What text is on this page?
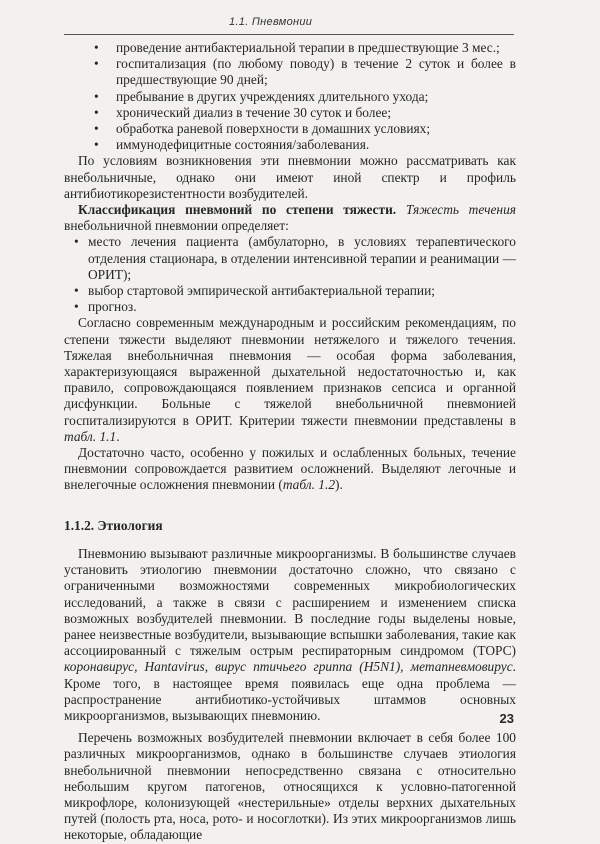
1.1. Пневмонии
• проведение антибактериальной терапии в предшествующие 3 мес.;
• госпитализация (по любому поводу) в течение 2 суток и более в предшествующие 90 дней;
• пребывание в других учреждениях длительного ухода;
• хронический диализ в течение 30 суток и более;
• обработка раневой поверхности в домашних условиях;
• иммунодефицитные состояния/заболевания.

По условиям возникновения эти пневмонии можно рассматривать как внебольничные, однако они имеют иной спектр и профиль антибиотикорезистентности возбудителей.

Классификация пневмоний по степени тяжести. Тяжесть течения внебольничной пневмонии определяет:

• место лечения пациента (амбулаторно, в условиях терапевтического отделения стационара, в отделении интенсивной терапии и реанимации — ОРИТ);
• выбор стартовой эмпирической антибактериальной терапии;
• прогноз.

Согласно современным международным и российским рекомендациям, по степени тяжести выделяют пневмонии нетяжелого и тяжелого течения. Тяжелая внебольничная пневмония — особая форма заболевания, характеризующаяся выраженной дыхательной недостаточностью и, как правило, сопровождающаяся появлением признаков сепсиса и органной дисфункции. Больные с тяжелой внебольничной пневмонией госпитализируются в ОРИТ. Критерии тяжести пневмонии представлены в табл. 1.1.

Достаточно часто, особенно у пожилых и ослабленных больных, течение пневмонии сопровождается развитием осложнений. Выделяют легочные и внелегочные осложнения пневмонии (табл. 1.2).

1.1.2. Этиология

Пневмонию вызывают различные микроорганизмы. В большинстве случаев установить этиологию пневмонии достаточно сложно, что связано с ограниченными возможностями современных микробиологических исследований, а также в связи с расширением и изменением списка возможных возбудителей пневмонии. В последние годы выделены новые, ранее неизвестные возбудители, вызывающие вспышки заболевания, такие как ассоциированный с тяжелым острым респираторным синдромом (ТОРС) коронавирус, Hantavirus, вирус птичьего гриппа (H5N1), метапневмовирус. Кроме того, в настоящее время появилась еще одна проблема — распространение антибиотико-устойчивых штаммов основных микроорганизмов, вызывающих пневмонию.

Перечень возможных возбудителей пневмонии включает в себя более 100 различных микроорганизмов, однако в большинстве случаев этиология внебольничной пневмонии непосредственно связана с относительно небольшим кругом патогенов, относящихся к условно-патогенной микрофлоре, колонизующей «нестерильные» отделы верхних дыхательных путей (полость рта, носа, рото- и носоглотки). Из этих микроорганизмов лишь некоторые, обладающие

23
